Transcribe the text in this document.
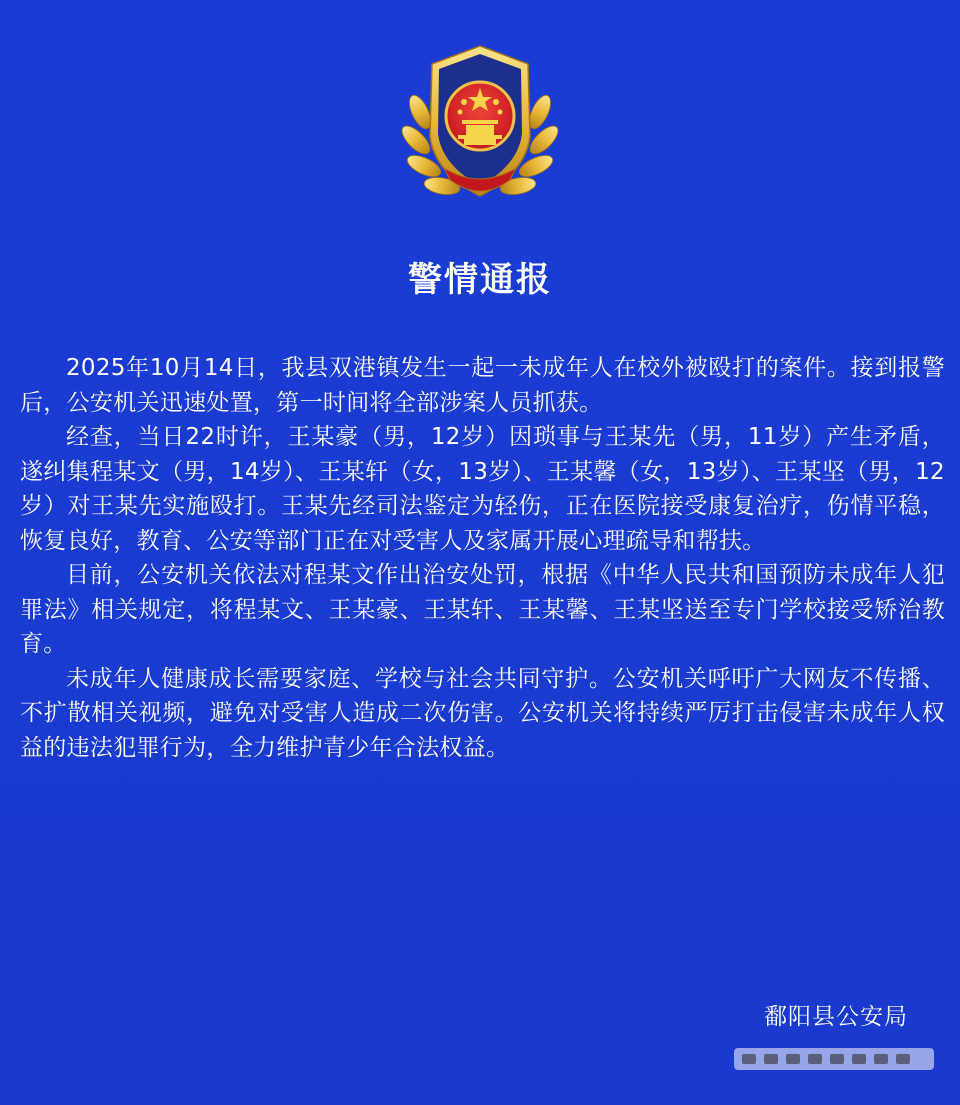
警情通报

2025年10月14日，我县双港镇发生一起一未成年人在校外被殴打的案件。接到报警后，公安机关迅速处置，第一时间将全部涉案人员抓获。

经查，当日22时许，王某豪（男，12岁）因琐事与王某先（男，11岁）产生矛盾，遂纠集程某文（男，14岁）、王某轩（女，13岁）、王某馨（女，13岁）、王某坚（男，12岁）对王某先实施殴打。王某先经司法鉴定为轻伤，正在医院接受康复治疗，伤情平稳，恢复良好，教育、公安等部门正在对受害人及家属开展心理疏导和帮扶。

目前，公安机关依法对程某文作出治安处罚，根据《中华人民共和国预防未成年人犯罪法》相关规定，将程某文、王某豪、王某轩、王某馨、王某坚送至专门学校接受矫治教育。

未成年人健康成长需要家庭、学校与社会共同守护。公安机关呼吁广大网友不传播、不扩散相关视频，避免对受害人造成二次伤害。公安机关将持续严厉打击侵害未成年人权益的违法犯罪行为，全力维护青少年合法权益。

鄱阳县公安局
